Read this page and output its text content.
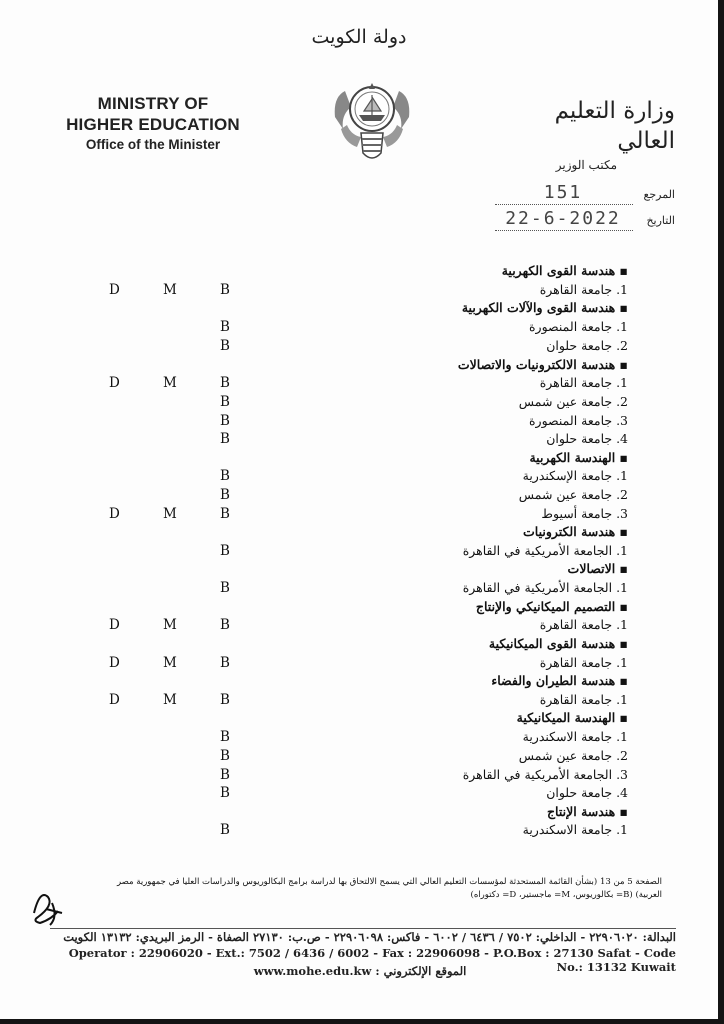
دولة الكويت
MINISTRY OF
HIGHER EDUCATION
Office of the Minister
وزارة التعليم العالي
مكتب الوزير
151	المرجع
22-6-2022	التاريخ
▪ هندسة القوى الكهربية
1. جامعة القاهرة
B
M
D
▪ هندسة القوى والآلات الكهربية
1. جامعة المنصورة
B
2. جامعة حلوان
B
▪ هندسة الالكترونيات والاتصالات
1. جامعة القاهرة
B
M
D
2. جامعة عين شمس
B
3. جامعة المنصورة
B
4. جامعة حلوان
B
▪ الهندسة الكهربية
1. جامعة الإسكندرية
B
2. جامعة عين شمس
B
3. جامعة أسيوط
B
M
D
▪ هندسة الكترونيات
1. الجامعة الأمريكية في القاهرة
B
▪ الاتصالات
1. الجامعة الأمريكية في القاهرة
B
▪ التصميم الميكانيكي والإنتاج
1. جامعة القاهرة
B
M
D
▪ هندسة القوى الميكانيكية
1. جامعة القاهرة
B
M
D
▪ هندسة الطيران والفضاء
1. جامعة القاهرة
B
M
D
▪ الهندسة الميكانيكية
1. جامعة الاسكندرية
B
2. جامعة عين شمس
B
3. الجامعة الأمريكية في القاهرة
B
4. جامعة حلوان
B
▪ هندسة الإنتاج
1. جامعة الاسكندرية
B
الصفحة 5 من 13 (بشأن القائمة المستحدثة لمؤسسات التعليم العالي التي يسمح الالتحاق بها لدراسة برامج البكالوريوس والدراسات العليا في جمهورية مصر
العربية) (B= بكالوريوس، M= ماجستير، D= دكتوراه)
البدالة: ٢٢٩٠٦٠٢٠ - الداخلي: ٧٥٠٢ / ٦٤٣٦ / ٦٠٠٢ - فاكس: ٢٢٩٠٦٠٩٨ - ص.ب: ٢٧١٣٠ الصفاة - الرمز البريدي: ١٣١٣٢ الكويت
Operator : 22906020 - Ext.: 7502 / 6436 / 6002 - Fax : 22906098 - P.O.Box : 27130 Safat - Code No.: 13132 Kuwait
www.mohe.edu.kw : الموقع الإلكتروني
